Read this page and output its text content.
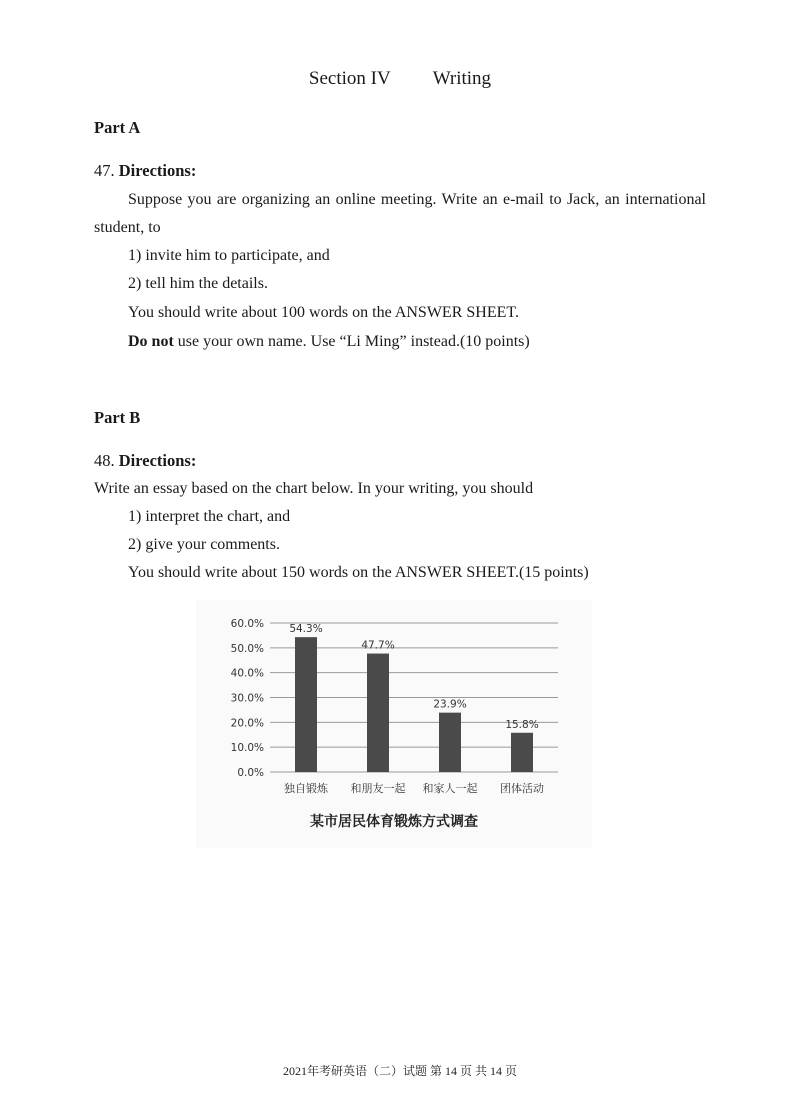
Section IV Writing
Part A
47. Directions:
Suppose you are organizing an online meeting. Write an e-mail to Jack, an international student, to
1) invite him to participate, and
2) tell him the details.
You should write about 100 words on the ANSWER SHEET.
Do not use your own name. Use “Li Ming” instead.(10 points)
Part B
48. Directions:
Write an essay based on the chart below. In your writing, you should
1) interpret the chart, and
2) give your comments.
You should write about 150 words on the ANSWER SHEET.(15 points)
0.0%
10.0%
20.0%
30.0%
40.0%
50.0%
60.0% 54.3%
独自锻炼
47.7%
和朋友一起
23.9%
和家人一起
15.8%
团体活动
某市居民体育锻炼方式调查
2021年考研英语（二）试题 第 14 页 共 14 页
